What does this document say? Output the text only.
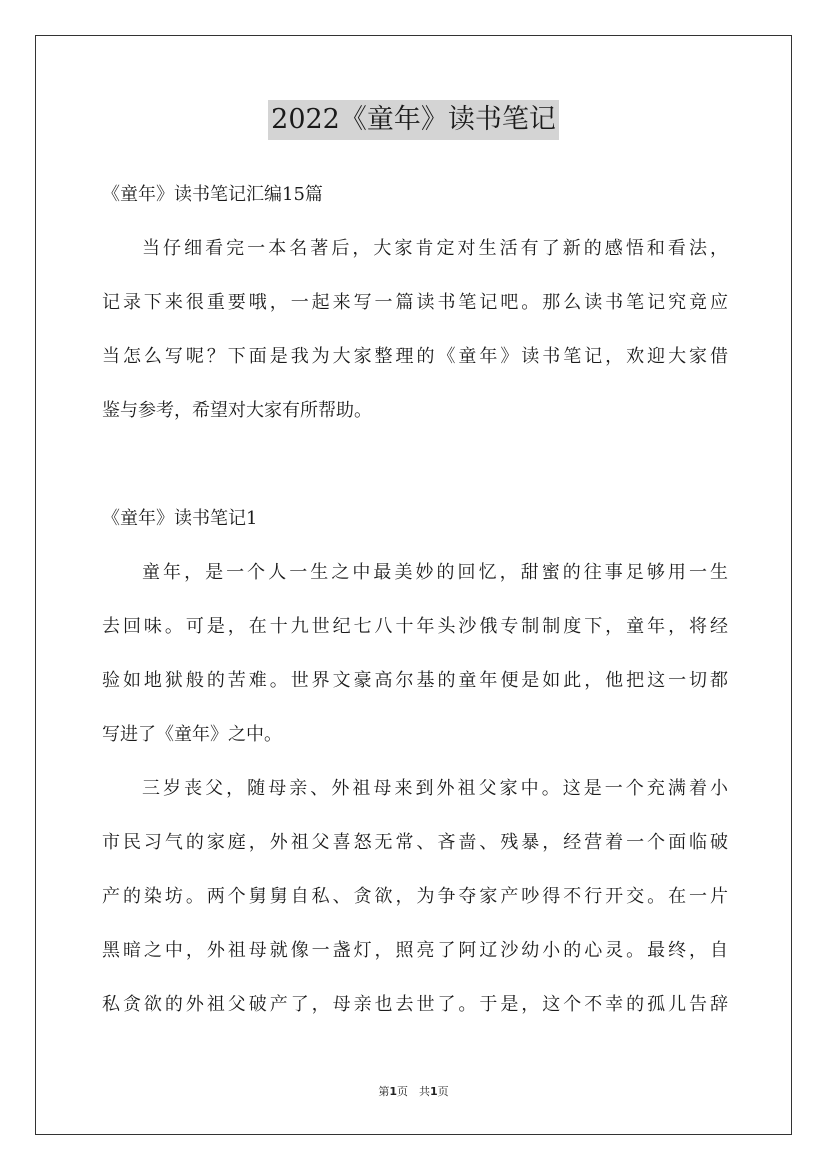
2022《童年》读书笔记
《童年》读书笔记汇编15篇
当仔细看完一本名著后，大家肯定对生活有了新的感悟和看法，
记录下来很重要哦，一起来写一篇读书笔记吧。那么读书笔记究竟应
当怎么写呢？下面是我为大家整理的《童年》读书笔记，欢迎大家借
鉴与参考，希望对大家有所帮助。
《童年》读书笔记1
童年，是一个人一生之中最美妙的回忆，甜蜜的往事足够用一生
去回味。可是，在十九世纪七八十年头沙俄专制制度下，童年，将经
验如地狱般的苦难。世界文豪高尔基的童年便是如此，他把这一切都
写进了《童年》之中。
三岁丧父，随母亲、外祖母来到外祖父家中。这是一个充满着小
市民习气的家庭，外祖父喜怒无常、吝啬、残暴，经营着一个面临破
产的染坊。两个舅舅自私、贪欲，为争夺家产吵得不行开交。在一片
黑暗之中，外祖母就像一盏灯，照亮了阿辽沙幼小的心灵。最终，自
私贪欲的外祖父破产了，母亲也去世了。于是，这个不幸的孤儿告辞
第1页　共1页
